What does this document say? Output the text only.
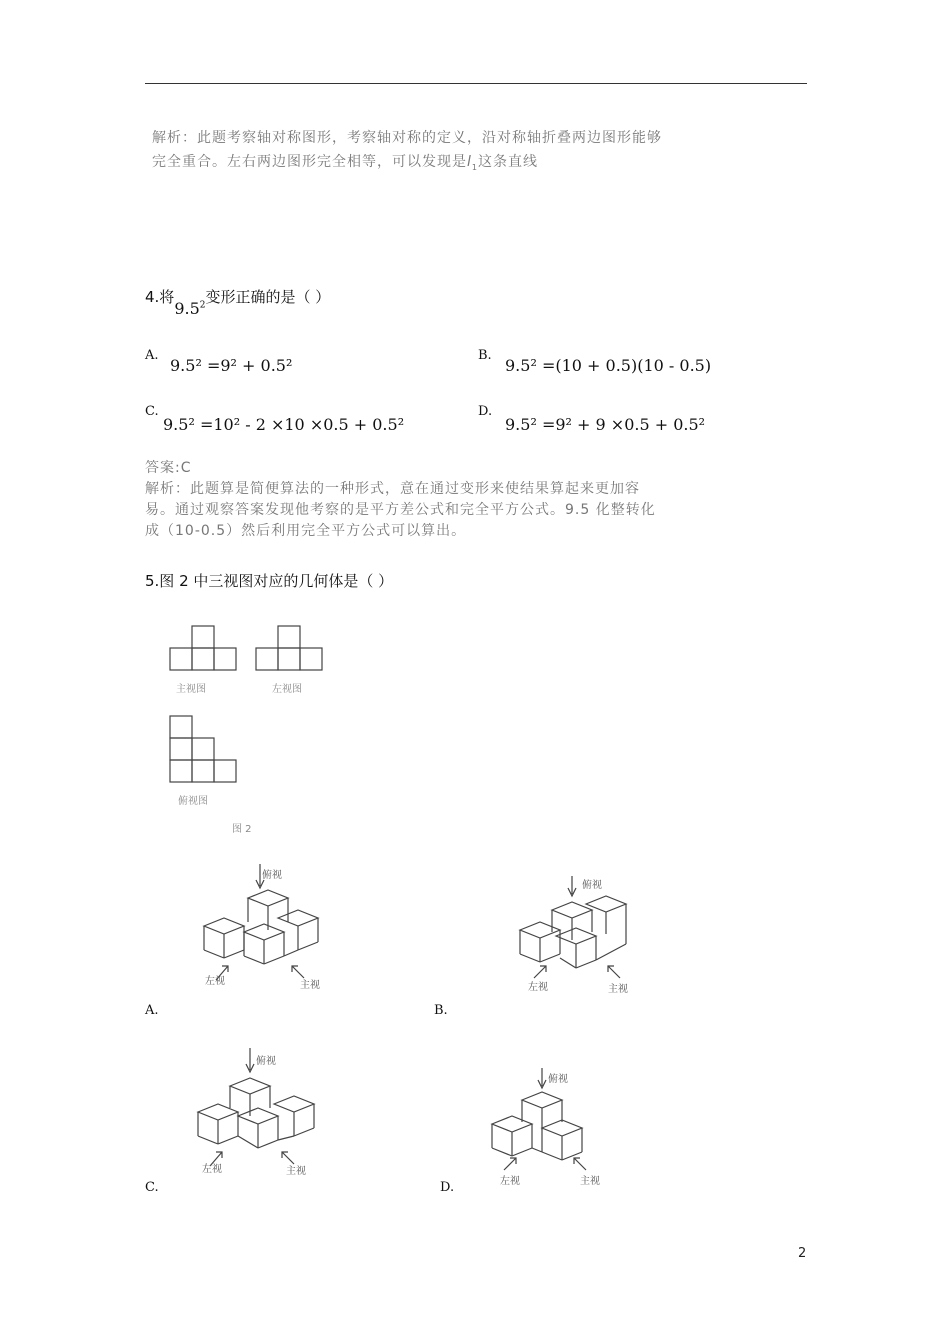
解析：此题考察轴对称图形，考察轴对称的定义，沿对称轴折叠两边图形能够
完全重合。左右两边图形完全相等，可以发现是$l_1$这条直线
4.将$9.5^2$变形正确的是（ ）
A.
9.5² =9² + 0.5²
B.
9.5² =(10 + 0.5)(10 - 0.5)
C.
9.5² =10² - 2 ×10 ×0.5 + 0.5²
D.
9.5² =9² + 9 ×0.5 + 0.5²
答案:C
解析：此题算是简便算法的一种形式，意在通过变形来使结果算起来更加容
易。通过观察答案发现他考察的是平方差公式和完全平方公式。9.5 化整转化
成（10-0.5）然后利用完全平方公式可以算出。
5.图 2 中三视图对应的几何体是（ ）
主视图	左视图
俯视图
图 2
俯视
左视	主视
A.
俯视
左视	主视
B.
俯视
左视	主视
C.
俯视
左视	主视
D.
2
